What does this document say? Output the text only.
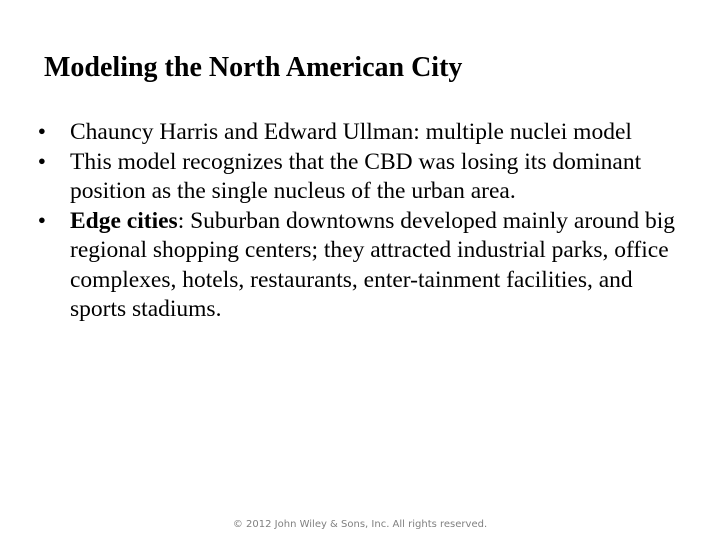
Modeling the North American City
• Chauncy Harris and Edward Ullman: multiple nuclei model
• This model recognizes that the CBD was losing its dominant position as the single nucleus of the urban area.
• Edge cities: Suburban downtowns developed mainly around big regional shopping centers; they attracted industrial parks, office complexes, hotels, restaurants, enter-tainment facilities, and sports stadiums.
© 2012 John Wiley & Sons, Inc. All rights reserved.
